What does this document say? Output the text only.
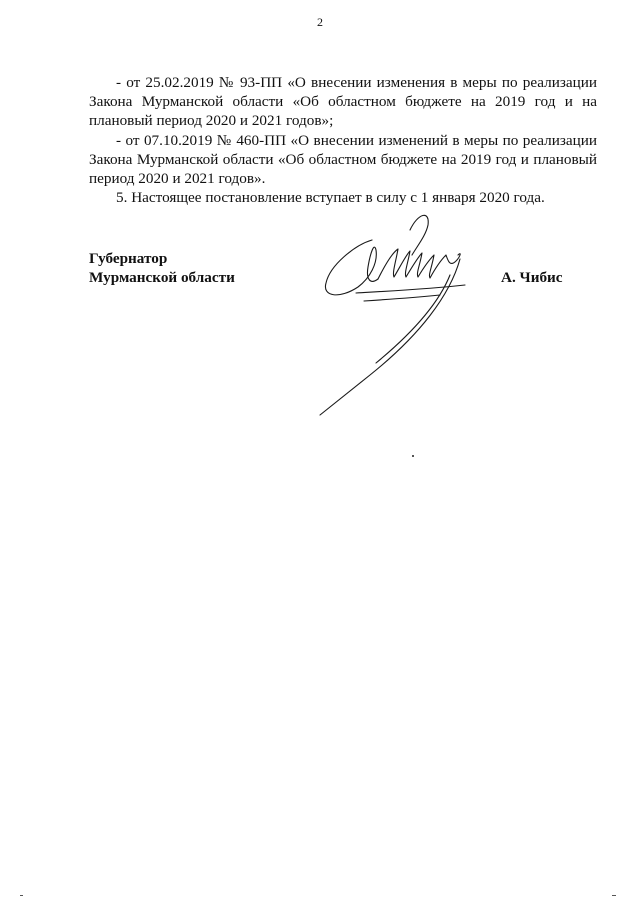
2

- от 25.02.2019 № 93-ПП «О внесении изменения в меры по реализации Закона Мурманской области «Об областном бюджете на 2019 год и на плановый период 2020 и 2021 годов»;

- от 07.10.2019 № 460-ПП «О внесении изменений в меры по реализации Закона Мурманской области «Об областном бюджете на 2019 год и плановый период 2020 и 2021 годов».

5. Настоящее постановление вступает в силу с 1 января 2020 года.

Губернатор
Мурманской области	А. Чибис
